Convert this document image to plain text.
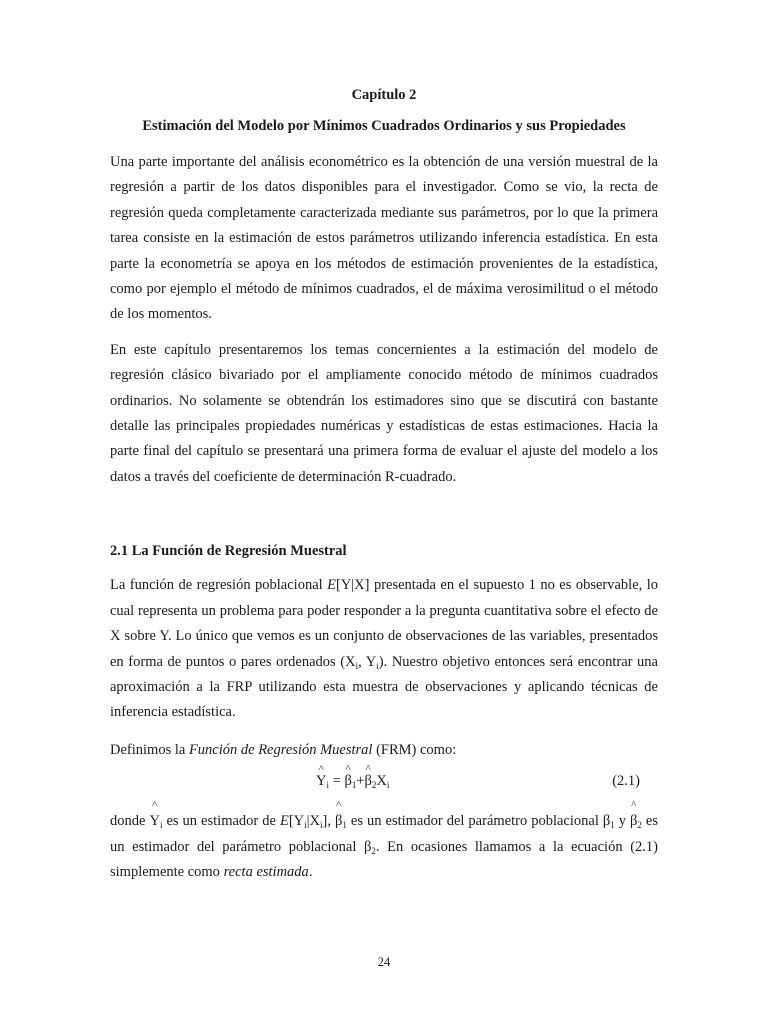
Capítulo 2

Estimación del Modelo por Mínimos Cuadrados Ordinarios y sus Propiedades

Una parte importante del análisis econométrico es la obtención de una versión muestral de la regresión a partir de los datos disponibles para el investigador. Como se vio, la recta de regresión queda completamente caracterizada mediante sus parámetros, por lo que la primera tarea consiste en la estimación de estos parámetros utilizando inferencia estadística. En esta parte la econometría se apoya en los métodos de estimación provenientes de la estadística, como por ejemplo el método de mínimos cuadrados, el de máxima verosimilitud o el método de los momentos.

En este capítulo presentaremos los temas concernientes a la estimación del modelo de regresión clásico bivariado por el ampliamente conocido método de mínimos cuadrados ordinarios. No solamente se obtendrán los estimadores sino que se discutirá con bastante detalle las principales propiedades numéricas y estadísticas de estas estimaciones. Hacia la parte final del capítulo se presentará una primera forma de evaluar el ajuste del modelo a los datos a través del coeficiente de determinación R-cuadrado.

2.1 La Función de Regresión Muestral

La función de regresión poblacional E[Y|X] presentada en el supuesto 1 no es observable, lo cual representa un problema para poder responder a la pregunta cuantitativa sobre el efecto de X sobre Y. Lo único que vemos es un conjunto de observaciones de las variables, presentados en forma de puntos o pares ordenados ($X_i$, $Y_i$). Nuestro objetivo entonces será encontrar una aproximación a la FRP utilizando esta muestra de observaciones y aplicando técnicas de inferencia estadística.

Definimos la Función de Regresión Muestral (FRM) como:

^ $Y_i$ = ^ $\beta_1+\^{}$ $\beta_2X_i$	(2.1)

donde ^ $Y_i$ es un estimador de $E[Y_i|X_i]$, ^ $\beta_1$ es un estimador del parámetro poblacional $\beta_1$ y ^ $\beta_2$ es un estimador del parámetro poblacional $\beta_2$. En ocasiones llamamos a la ecuación (2.1) simplemente como recta estimada.

24
